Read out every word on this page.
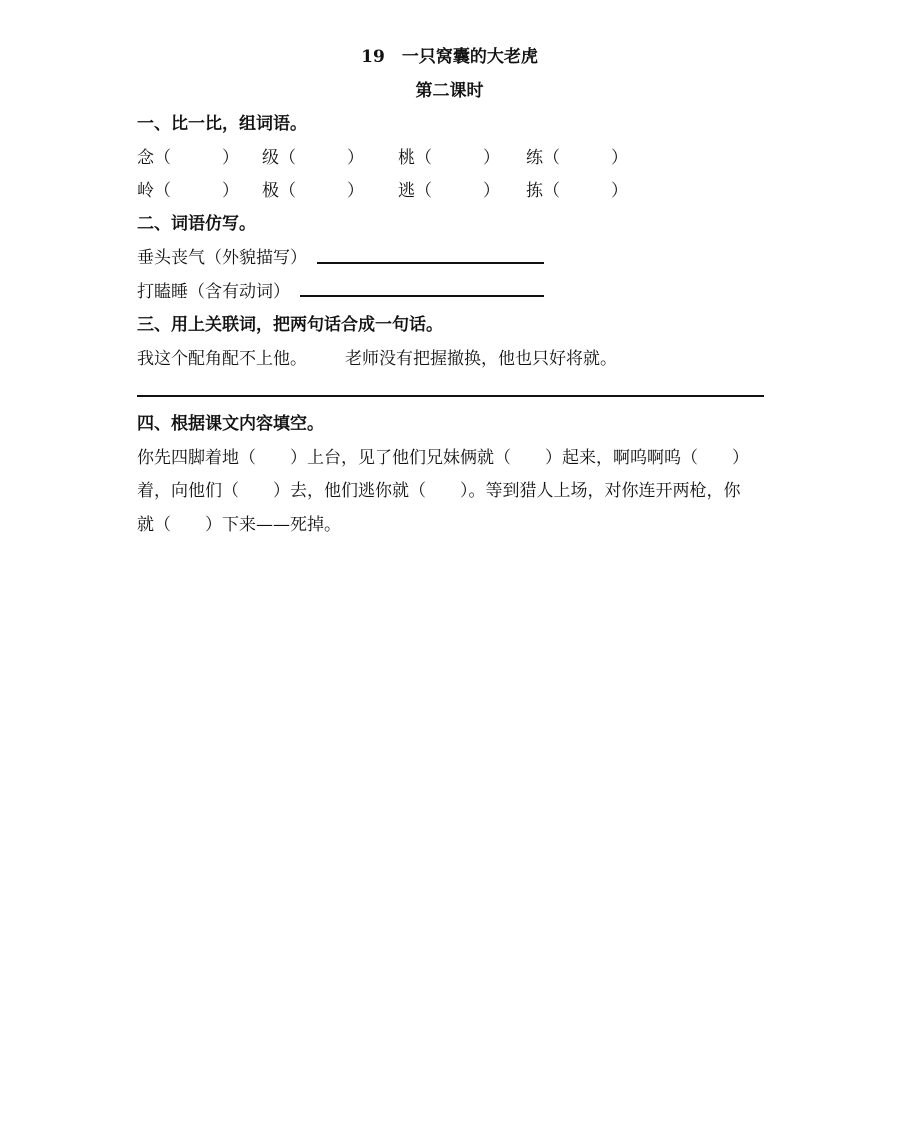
19　一只窝囊的大老虎
第二课时
一、比一比，组词语。
念（　　　） 级（　　　） 桃（　　　） 练（　　　）
岭（　　　） 极（　　　） 逃（　　　） 拣（　　　）
二、词语仿写。
垂头丧气（外貌描写）
打瞌睡（含有动词）
三、用上关联词，把两句话合成一句话。
我这个配角配不上他。 老师没有把握撤换，他也只好将就。
四、根据课文内容填空。
你先四脚着地（　　）上台，见了他们兄妹俩就（　　）起来，啊呜啊呜（　　）
着，向他们（　　）去，他们逃你就（　　）。等到猎人上场，对你连开两枪，你
就（　　）下来——死掉。
